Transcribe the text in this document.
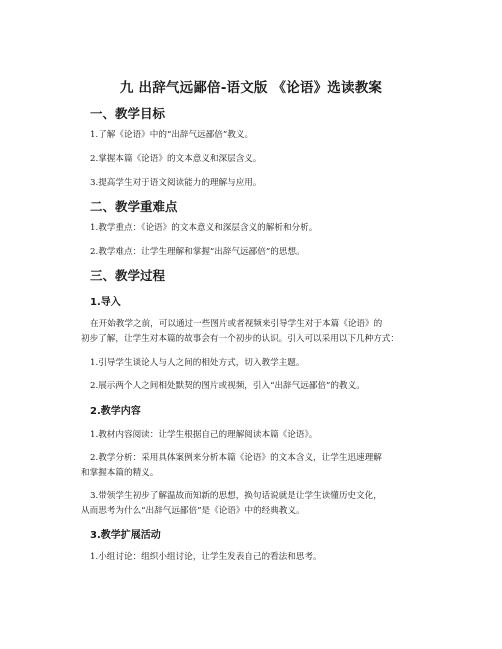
九 出辞气远鄙倍-语文版 《论语》选读教案
一、教学目标
1.了解《论语》中的“出辞气远鄙倍”教义。
2.掌握本篇《论语》的文本意义和深层含义。
3.提高学生对于语文阅读能力的理解与应用。
二、教学重难点
1.教学重点：《论语》的文本意义和深层含义的解析和分析。
2.教学难点：让学生理解和掌握“出辞气远鄙倍”的思想。
三、教学过程
1.导入
在开始教学之前，可以通过一些图片或者视频来引导学生对于本篇《论语》的
初步了解，让学生对本篇的故事会有一个初步的认识。引入可以采用以下几种方式：
1.引导学生谈论人与人之间的相处方式，切入教学主题。
2.展示两个人之间相处默契的图片或视频，引入“出辞气远鄙倍”的教义。
2.教学内容
1.教材内容阅读：让学生根据自己的理解阅读本篇《论语》。
2.教学分析：采用具体案例来分析本篇《论语》的文本含义，让学生迅速理解
和掌握本篇的精义。
3.带领学生初步了解温故而知新的思想，换句话说就是让学生读懂历史文化，
从而思考为什么“出辞气远鄙倍”是《论语》中的经典教义。
3.教学扩展活动
1.小组讨论：组织小组讨论，让学生发表自己的看法和思考。
